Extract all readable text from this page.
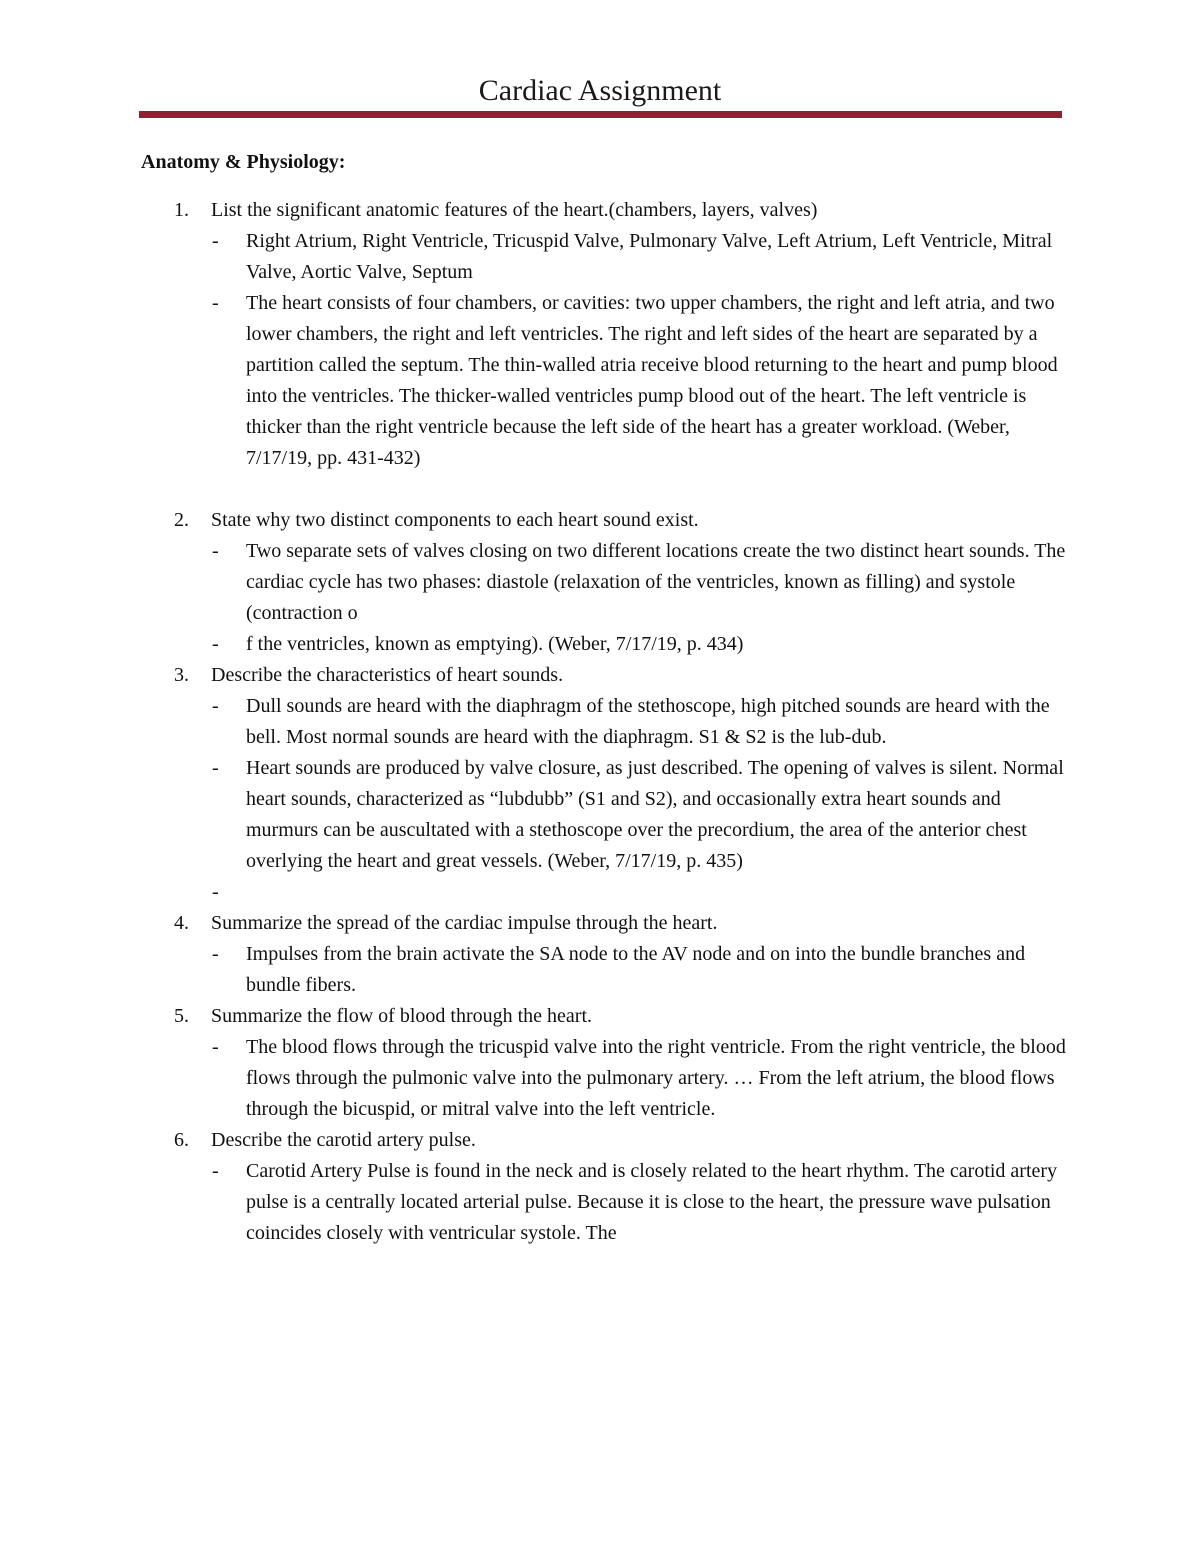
Cardiac Assignment
Anatomy & Physiology:
1. List the significant anatomic features of the heart.(chambers, layers, valves)
- Right Atrium, Right Ventricle, Tricuspid Valve, Pulmonary Valve, Left Atrium, Left Ventricle, Mitral Valve, Aortic Valve, Septum
- The heart consists of four chambers, or cavities: two upper chambers, the right and left atria, and two lower chambers, the right and left ventricles. The right and left sides of the heart are separated by a partition called the septum. The thin-walled atria receive blood returning to the heart and pump blood into the ventricles. The thicker-walled ventricles pump blood out of the heart. The left ventricle is thicker than the right ventricle because the left side of the heart has a greater workload. (Weber, 7/17/19, pp. 431-432)
2. State why two distinct components to each heart sound exist.
- Two separate sets of valves closing on two different locations create the two distinct heart sounds. The cardiac cycle has two phases: diastole (relaxation of the ventricles, known as filling) and systole (contraction o
- f the ventricles, known as emptying). (Weber, 7/17/19, p. 434)
3. Describe the characteristics of heart sounds.
- Dull sounds are heard with the diaphragm of the stethoscope, high pitched sounds are heard with the bell. Most normal sounds are heard with the diaphragm. S1 & S2 is the lub-dub.
- Heart sounds are produced by valve closure, as just described. The opening of valves is silent. Normal heart sounds, characterized as “lubdubb” (S1 and S2), and occasionally extra heart sounds and murmurs can be auscultated with a stethoscope over the precordium, the area of the anterior chest overlying the heart and great vessels. (Weber, 7/17/19, p. 435)
-

4. Summarize the spread of the cardiac impulse through the heart.
- Impulses from the brain activate the SA node to the AV node and on into the bundle branches and bundle fibers.
5. Summarize the flow of blood through the heart.
- The blood flows through the tricuspid valve into the right ventricle. From the right ventricle, the blood flows through the pulmonic valve into the pulmonary artery. … From the left atrium, the blood flows through the bicuspid, or mitral valve into the left ventricle.
6. Describe the carotid artery pulse.
- Carotid Artery Pulse is found in the neck and is closely related to the heart rhythm. The carotid artery pulse is a centrally located arterial pulse. Because it is close to the heart, the pressure wave pulsation coincides closely with ventricular systole. The
